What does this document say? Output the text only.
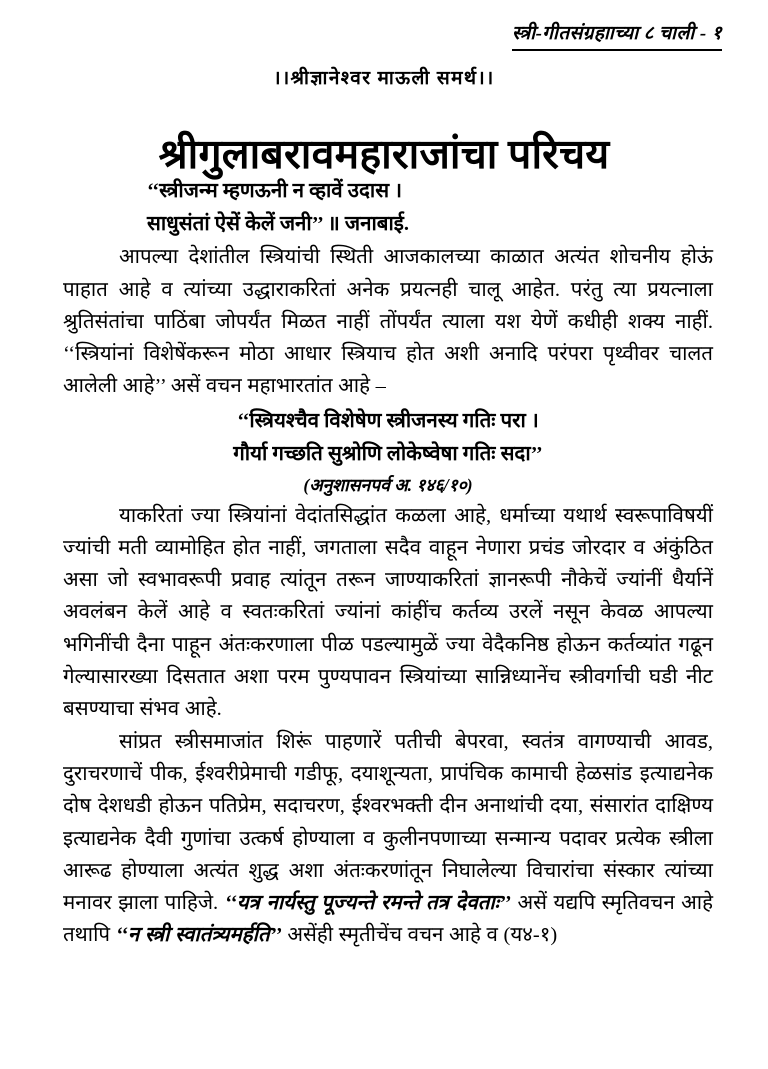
स्त्री-गीतसंग्रहााच्या ८ चाली - १
।।श्रीज्ञानेश्वर माऊली समर्थ।।
श्रीगुलाबरावमहाराजांचा परिचय
‘‘स्त्रीजन्म म्हणऊनी न व्हावें उदास ।
साधुसंतां ऐसें केलें जनी’’ ॥ जनाबाई.

आपल्या देशांतील स्त्रियांची स्थिती आजकालच्या काळात अत्यंत शोचनीय होऊं पाहात आहे व त्यांच्या उद्धाराकरितां अनेक प्रयत्नही चालू आहेत. परंतु त्या प्रयत्नाला श्रुतिसंतांचा पाठिंबा जोपर्यंत मिळत नाहीं तोंपर्यंत त्याला यश येणें कधीही शक्य नाहीं. ‘‘स्त्रियांनां विशेषेंकरून मोठा आधार स्त्रियाच होत अशी अनादि परंपरा पृथ्वीवर चालत आलेली आहे’’ असें वचन महाभारतांत आहे –

‘‘स्त्रियश्चैव विशेषेण स्त्रीजनस्य गतिः परा ।
गौर्या गच्छति सुश्रोणि लोकेष्वेषा गतिः सदा’’
(अनुशासनपर्व अ. १४६/१०)

याकरितां ज्या स्त्रियांनां वेदांतसिद्धांत कळला आहे, धर्माच्या यथार्थ स्वरूपाविषयीं ज्यांची मती व्यामोहित होत नाहीं, जगताला सदैव वाहून नेणारा प्रचंड जोरदार व अंकुंठित असा जो स्वभावरूपी प्रवाह त्यांतून तरून जाण्याकरितां ज्ञानरूपी नौकेचें ज्यांनीं धैर्यानें अवलंबन केलें आहे व स्वतःकरितां ज्यांनां कांहींच कर्तव्य उरलें नसून केवळ आपल्या भगिनींची दैना पाहून अंतःकरणाला पीळ पडल्यामुळें ज्या वेदैकनिष्ठ होऊन कर्तव्यांत गढून गेल्यासारख्या दिसतात अशा परम पुण्यपावन स्त्रियांच्या सान्निध्यानेंच स्त्रीवर्गाची घडी नीट बसण्याचा संभव आहे.

सांप्रत स्त्रीसमाजांत शिरूं पाहणारें पतीची बेपरवा, स्वतंत्र वागण्याची आवड, दुराचरणाचें पीक, ईश्वरीप्रेमाची गडीफू, दयाशून्यता, प्रापंचिक कामाची हेळसांड इत्याद्यनेक दोष देशधडी होऊन पतिप्रेम, सदाचरण, ईश्वरभक्ती दीन अनाथांची दया, संसारांत दाक्षिण्य इत्याद्यनेक दैवी गुणांचा उत्कर्ष होण्याला व कुलीनपणाच्या सन्मान्य पदावर प्रत्येक स्त्रीला आरूढ होण्याला अत्यंत शुद्ध अशा अंतःकरणांतून निघालेल्या विचारांचा संस्कार त्यांच्या मनावर झाला पाहिजे. ‘‘यत्र नार्यस्तु पूज्यन्ते रमन्ते तत्र देवताः’’ असें यद्यपि स्मृतिवचन आहे तथापि ‘‘न स्त्री स्वातंत्र्यमर्हति’’ असेंही स्मृतीचेंच वचन आहे व (य४-१)
